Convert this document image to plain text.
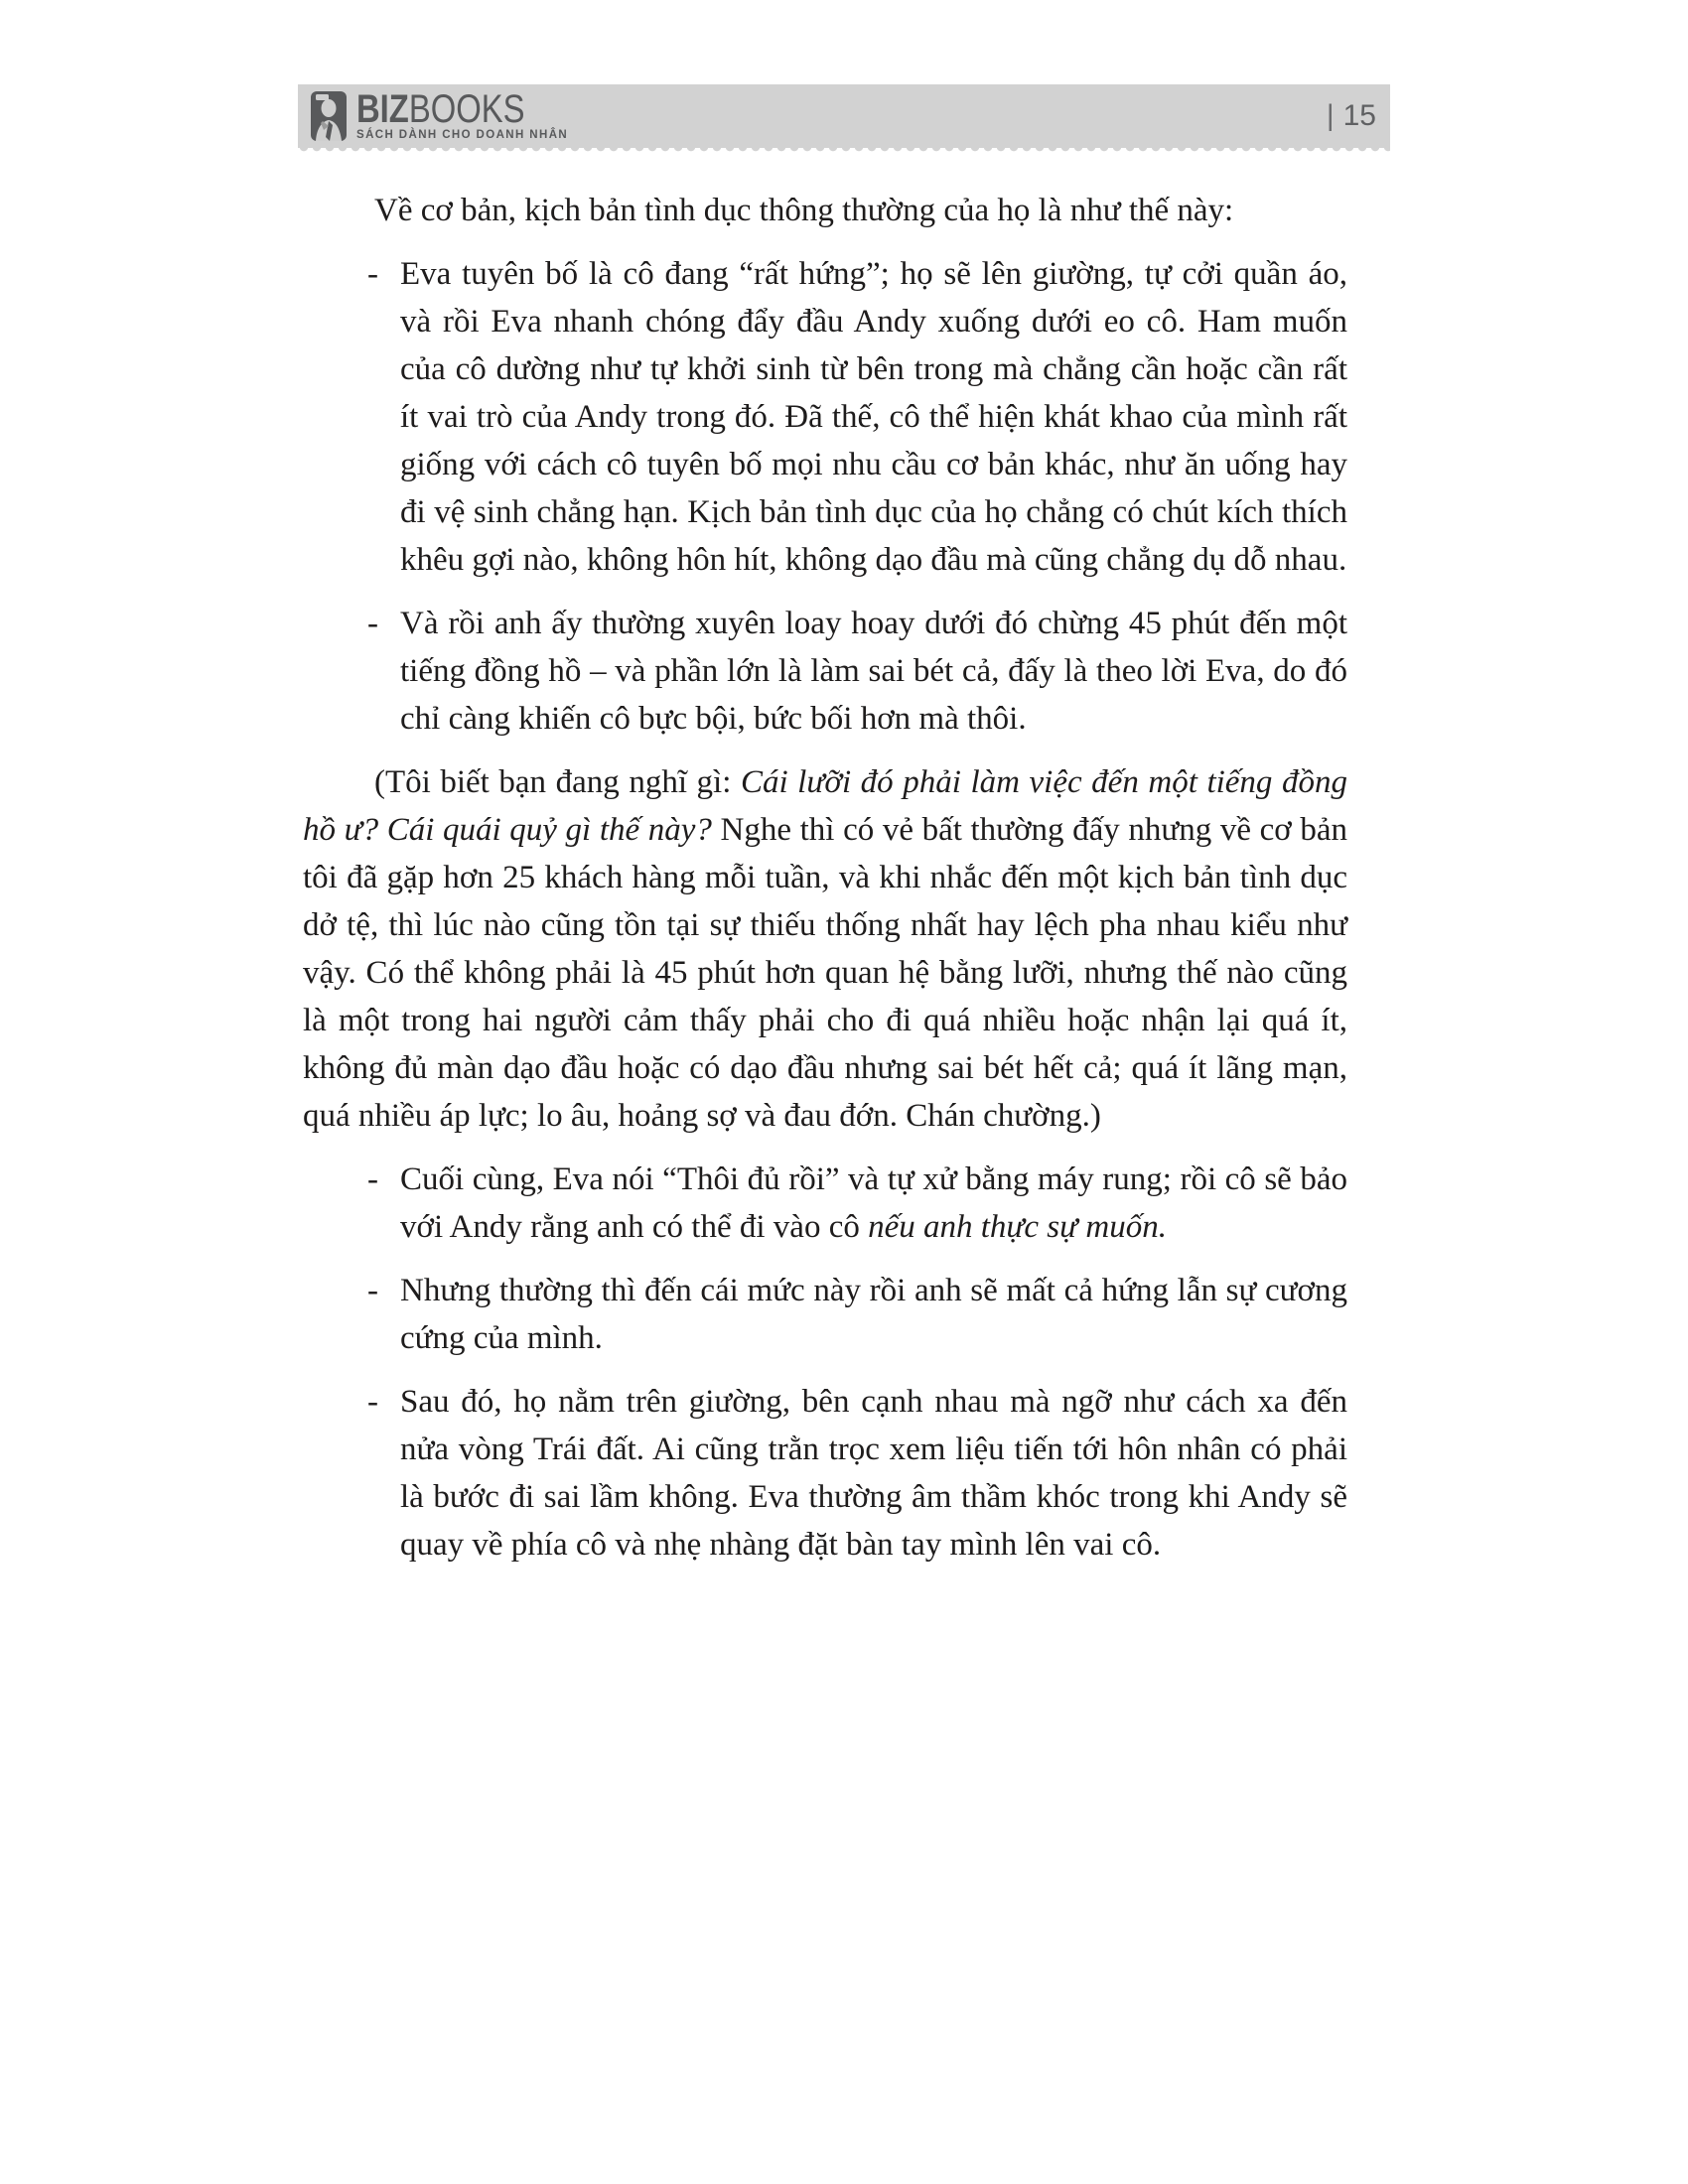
BIZBOOKS
SÁCH DÀNH CHO DOANH NHÂN
| 15

Về cơ bản, kịch bản tình dục thông thường của họ là như thế này:

- Eva tuyên bố là cô đang “rất hứng”; họ sẽ lên giường, tự cởi quần áo, và rồi Eva nhanh chóng đẩy đầu Andy xuống dưới eo cô. Ham muốn của cô dường như tự khởi sinh từ bên trong mà chẳng cần hoặc cần rất ít vai trò của Andy trong đó. Đã thế, cô thể hiện khát khao của mình rất giống với cách cô tuyên bố mọi nhu cầu cơ bản khác, như ăn uống hay đi vệ sinh chẳng hạn. Kịch bản tình dục của họ chẳng có chút kích thích khêu gợi nào, không hôn hít, không dạo đầu mà cũng chẳng dụ dỗ nhau.

- Và rồi anh ấy thường xuyên loay hoay dưới đó chừng 45 phút đến một tiếng đồng hồ – và phần lớn là làm sai bét cả, đấy là theo lời Eva, do đó chỉ càng khiến cô bực bội, bức bối hơn mà thôi.

(Tôi biết bạn đang nghĩ gì: Cái lưỡi đó phải làm việc đến một tiếng đồng hồ ư? Cái quái quỷ gì thế này? Nghe thì có vẻ bất thường đấy nhưng về cơ bản tôi đã gặp hơn 25 khách hàng mỗi tuần, và khi nhắc đến một kịch bản tình dục dở tệ, thì lúc nào cũng tồn tại sự thiếu thống nhất hay lệch pha nhau kiểu như vậy. Có thể không phải là 45 phút hơn quan hệ bằng lưỡi, nhưng thế nào cũng là một trong hai người cảm thấy phải cho đi quá nhiều hoặc nhận lại quá ít, không đủ màn dạo đầu hoặc có dạo đầu nhưng sai bét hết cả; quá ít lãng mạn, quá nhiều áp lực; lo âu, hoảng sợ và đau đớn. Chán chường.)

- Cuối cùng, Eva nói “Thôi đủ rồi” và tự xử bằng máy rung; rồi cô sẽ bảo với Andy rằng anh có thể đi vào cô nếu anh thực sự muốn.

- Nhưng thường thì đến cái mức này rồi anh sẽ mất cả hứng lẫn sự cương cứng của mình.

- Sau đó, họ nằm trên giường, bên cạnh nhau mà ngỡ như cách xa đến nửa vòng Trái đất. Ai cũng trằn trọc xem liệu tiến tới hôn nhân có phải là bước đi sai lầm không. Eva thường âm thầm khóc trong khi Andy sẽ quay về phía cô và nhẹ nhàng đặt bàn tay mình lên vai cô.
